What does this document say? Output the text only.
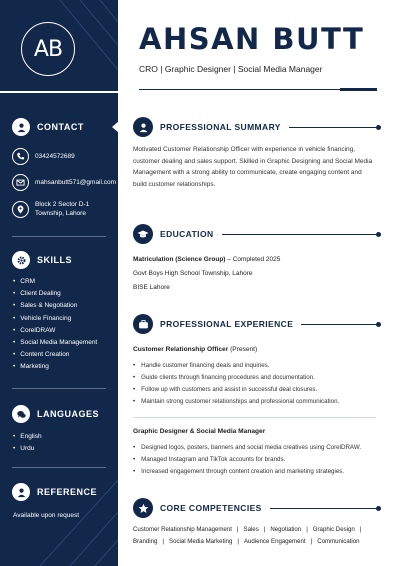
AB
CONTACT
03424572689
mahsanbutt571@gmail.com
Block 2 Sector D-1
Township, Lahore
SKILLS
• CRM
• Client Dealing
• Sales & Negotiation
• Vehicle Financing
• CorelDRAW
• Social Media Management
• Content Creation
• Marketing
LANGUAGES
• English
• Urdu
REFERENCE
Available upon request
AHSAN BUTT
CRO | Graphic Designer | Social Media Manager
PROFESSIONAL SUMMARY
Motivated Customer Relationship Officer with experience in vehicle financing, customer dealing and sales support. Skilled in Graphic Designing and Social Media Management with a strong ability to communicate, create engaging content and build customer relationships.
EDUCATION
Matriculation (Science Group) – Completed 2025
Govt Boys High School Township, Lahore
BISE Lahore
PROFESSIONAL EXPERIENCE
Customer Relationship Officer (Present)
• Handle customer financing deals and inquiries.
• Guide clients through financing procedures and documentation.
• Follow up with customers and assist in successful deal closures.
• Maintain strong customer relationships and professional communication.
Graphic Designer & Social Media Manager
• Designed logos, posters, banners and social media creatives using CorelDRAW.
• Managed Instagram and TikTok accounts for brands.
• Increased engagement through content creation and marketing strategies.
CORE COMPETENCIES
Customer Relationship Management | Sales | Negotiation | Graphic Design |
Branding | Social Media Marketing | Audience Engagement | Communication
